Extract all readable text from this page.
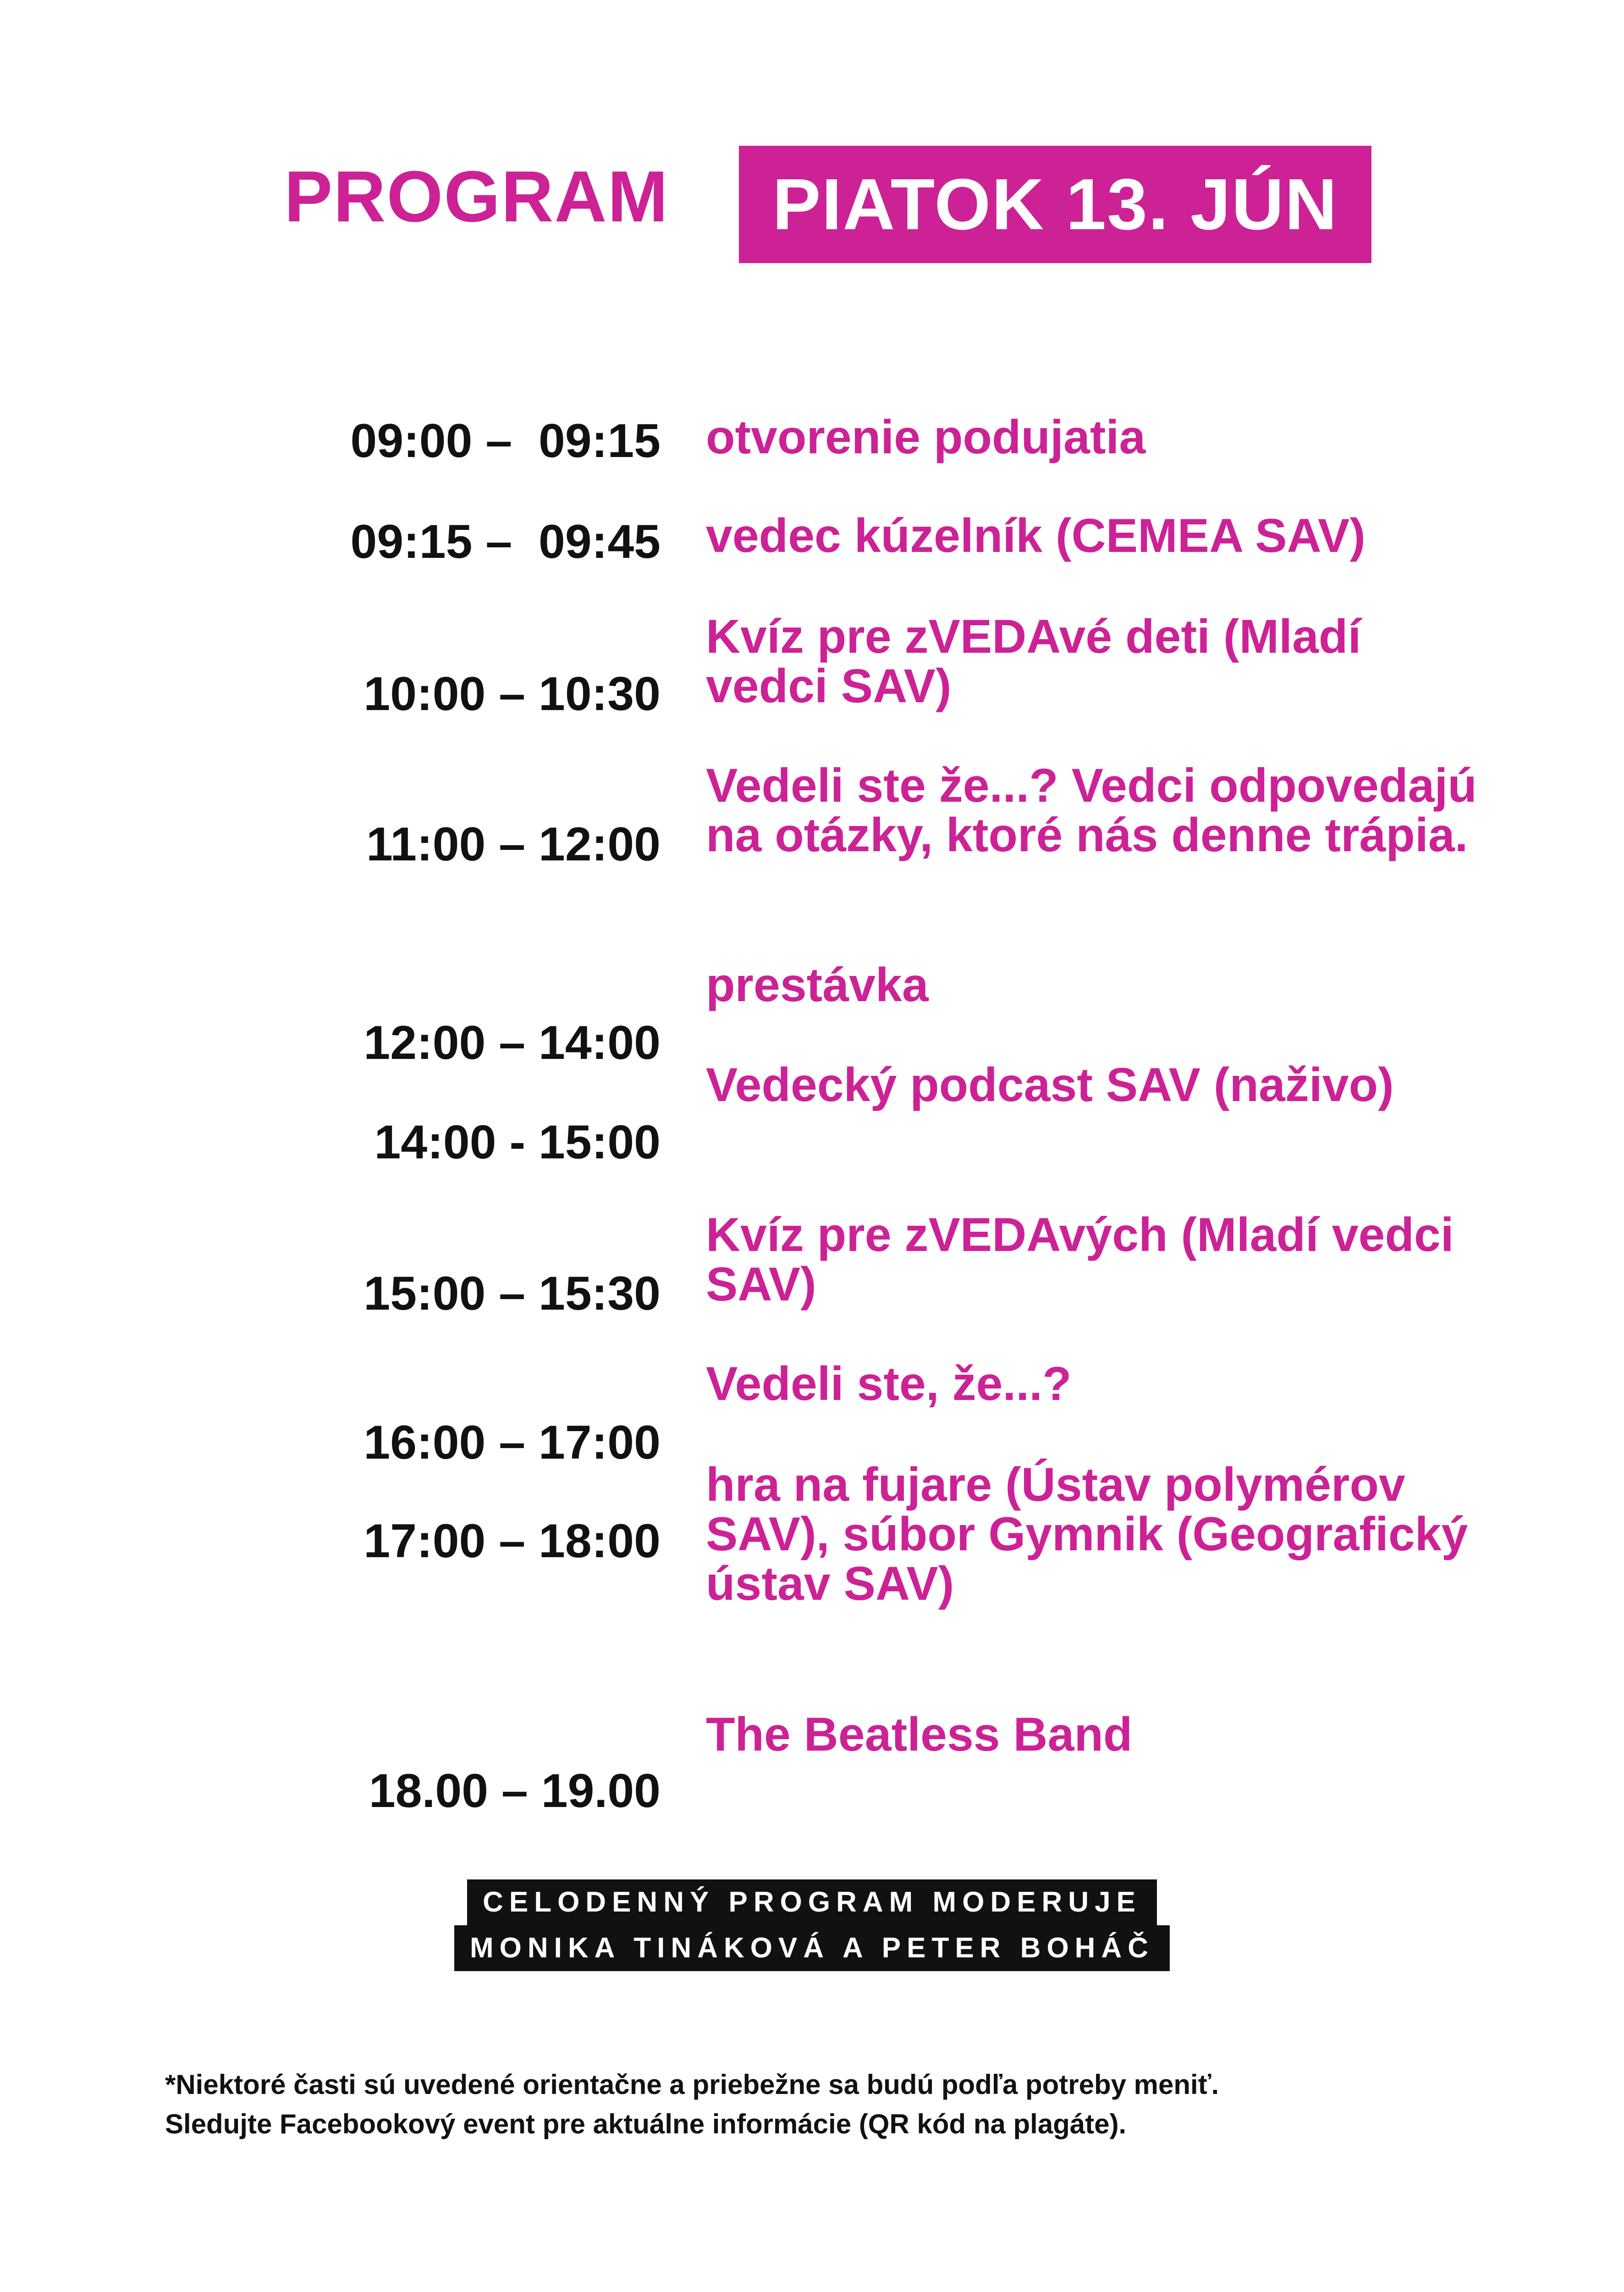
PROGRAM PIATOK 13. JÚN
09:00 –  09:15 otvorenie podujatia
09:15 –  09:45 vedec kúzelník (CEMEA SAV)
10:00 – 10:30
Kvíz pre zVEDAvé deti (Mladí vedci SAV)
11:00 – 12:00
Vedeli ste že...? Vedci odpovedajú na otázky, ktoré nás denne trápia.
12:00 – 14:00
prestávka
14:00 - 15:00
Vedecký podcast SAV (naživo)
15:00 – 15:30
Kvíz pre zVEDAvých (Mladí vedci SAV)
16:00 – 17:00
Vedeli ste, že...?
17:00 – 18:00
hra na fujare (Ústav polymérov SAV), súbor Gymnik (Geografický ústav SAV)
18.00 – 19.00
The Beatless Band
CELODENNÝ PROGRAM MODERUJE
MONIKA TINÁKOVÁ A PETER BOHÁČ
*Niektoré časti sú uvedené orientačne a priebežne sa budú podľa potreby meniť.
Sledujte Facebookový event pre aktuálne informácie (QR kód na plagáte).
